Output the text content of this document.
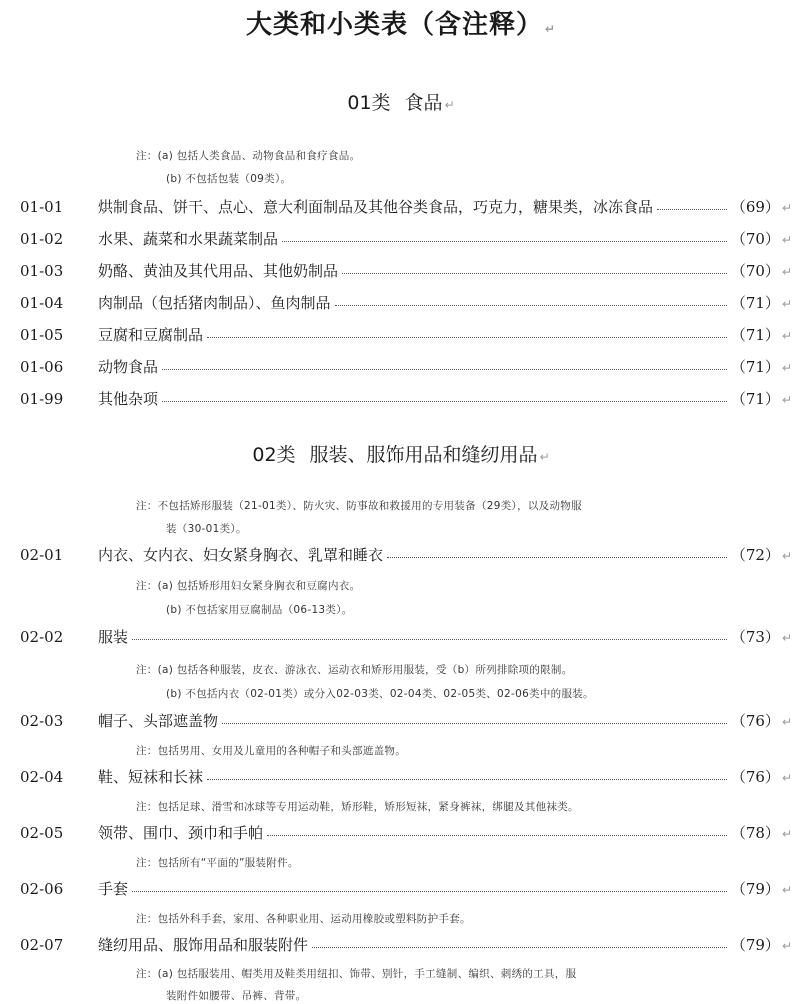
大类和小类表（含注释） ↵
01类 食品 ↵
注：(a) 包括人类食品、动物食品和食疗食品。
(b) 不包括包装（09类）。
01-01	烘制食品、饼干、点心、意大利面制品及其他谷类食品，巧克力，糖果类，冰冻食品	（69） ↵
01-02	水果、蔬菜和水果蔬菜制品	（70） ↵
01-03	奶酪、黄油及其代用品、其他奶制品	（70） ↵
01-04	肉制品（包括猪肉制品）、鱼肉制品	（71） ↵
01-05	豆腐和豆腐制品	（71） ↵
01-06	动物食品	（71） ↵
01-99	其他杂项	（71） ↵
02类 服装、服饰用品和缝纫用品 ↵
注：不包括矫形服装（21-01类）、防火灾、防事故和救援用的专用装备（29类），以及动物服
装（30-01类）。
02-01	内衣、女内衣、妇女紧身胸衣、乳罩和睡衣	（72） ↵
注：(a) 包括矫形用妇女紧身胸衣和豆腐内衣。
(b) 不包括家用豆腐制品（06-13类）。
02-02	服装	（73） ↵
注：(a) 包括各种服装，皮衣、游泳衣、运动衣和矫形用服装，受（b）所列排除项的限制。
(b) 不包括内衣（02-01类）或分入02-03类、02-04类、02-05类、02-06类中的服装。
02-03	帽子、头部遮盖物	（76） ↵
注：包括男用、女用及儿童用的各种帽子和头部遮盖物。
02-04	鞋、短袜和长袜	（76） ↵
注：包括足球、滑雪和冰球等专用运动鞋，矫形鞋，矫形短袜，紧身裤袜，绑腿及其他袜类。
02-05	领带、围巾、颈巾和手帕	（78） ↵
注：包括所有“平面的”服装附件。
02-06	手套	（79） ↵
注：包括外科手套，家用、各种职业用、运动用橡胶或塑料防护手套。
02-07	缝纫用品、服饰用品和服装附件	（79） ↵
注：(a) 包括服装用、帽类用及鞋类用纽扣、饰带、别针，手工缝制、编织、刺绣的工具，服
装附件如腰带、吊裤、背带。
